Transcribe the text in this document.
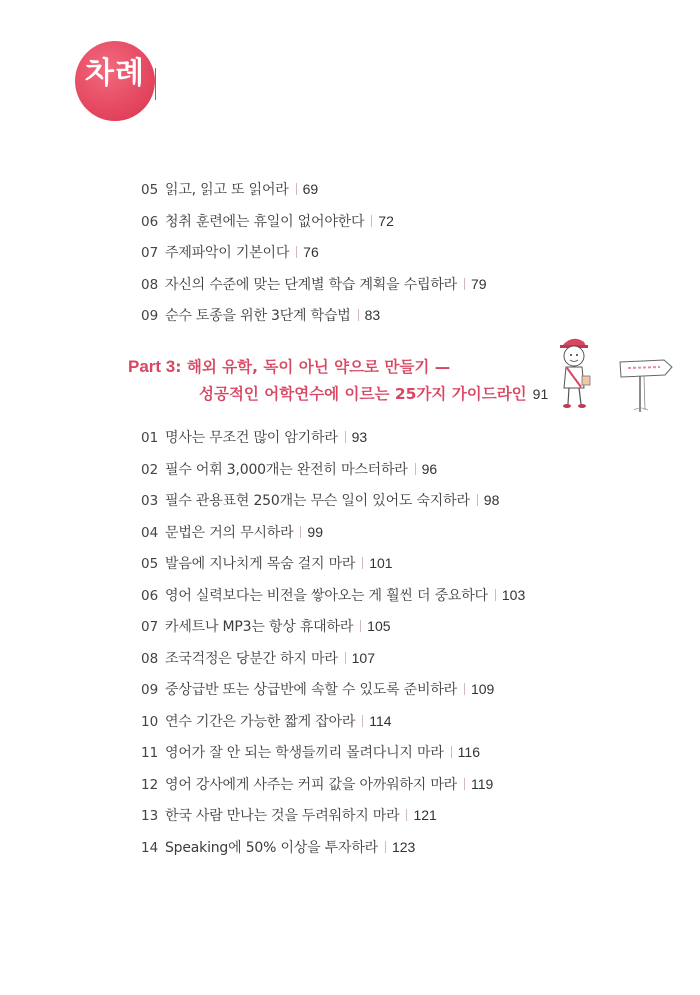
차례
05 읽고, 읽고 또 읽어라 69
06 청취 훈련에는 휴일이 없어야한다 72
07 주제파악이 기본이다 76
08 자신의 수준에 맞는 단계별 학습 계획을 수립하라 79
09 순수 토종을 위한 3단계 학습법 83
Part 3: 해외 유학, 독이 아닌 약으로 만들기 —
성공적인 어학연수에 이르는 25가지 가이드라인 91
01 명사는 무조건 많이 암기하라 93
02 필수 어휘 3,000개는 완전히 마스터하라 96
03 필수 관용표현 250개는 무슨 일이 있어도 숙지하라 98
04 문법은 거의 무시하라 99
05 발음에 지나치게 목숨 걸지 마라 101
06 영어 실력보다는 비전을 쌓아오는 게 훨씬 더 중요하다 103
07 카세트나 MP3는 항상 휴대하라 105
08 조국걱정은 당분간 하지 마라 107
09 중상급반 또는 상급반에 속할 수 있도록 준비하라 109
10 연수 기간은 가능한 짧게 잡아라 114
11 영어가 잘 안 되는 학생들끼리 몰려다니지 마라 116
12 영어 강사에게 사주는 커피 값을 아까워하지 마라 119
13 한국 사람 만나는 것을 두려워하지 마라 121
14 Speaking에 50% 이상을 투자하라 123
